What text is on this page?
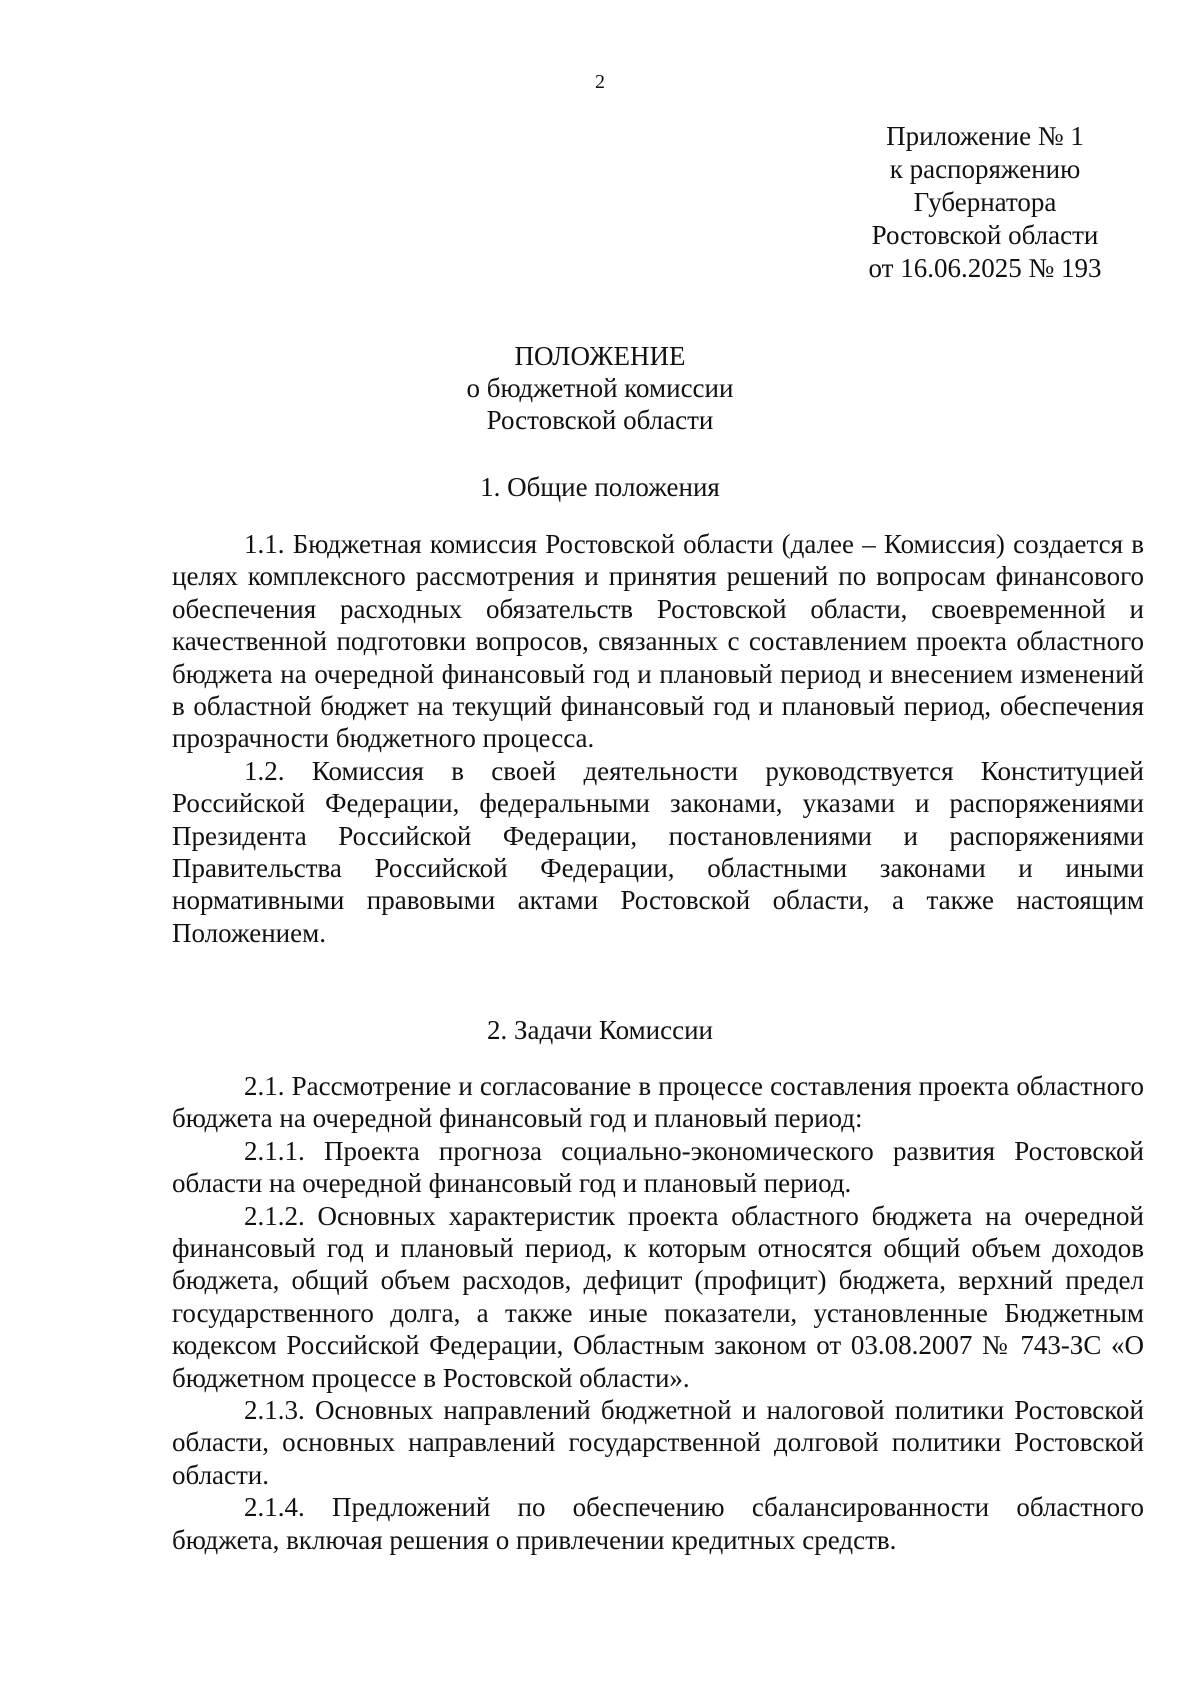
2
Приложение № 1
к распоряжению
Губернатора
Ростовской области
от 16.06.2025 № 193
ПОЛОЖЕНИЕ
о бюджетной комиссии
Ростовской области
1. Общие положения

1.1. Бюджетная комиссия Ростовской области (далее – Комиссия) создается в целях комплексного рассмотрения и принятия решений по вопросам финансового обеспечения расходных обязательств Ростовской области, своевременной и качественной подготовки вопросов, связанных с составлением проекта областного бюджета на очередной финансовый год и плановый период и внесением изменений в областной бюджет на текущий финансовый год и плановый период, обеспечения прозрачности бюджетного процесса.

1.2. Комиссия в своей деятельности руководствуется Конституцией Российской Федерации, федеральными законами, указами и распоряжениями Президента Российской Федерации, постановлениями и распоряжениями Правительства Российской Федерации, областными законами и иными нормативными правовыми актами Ростовской области, а также настоящим Положением.

2. Задачи Комиссии

2.1. Рассмотрение и согласование в процессе составления проекта областного бюджета на очередной финансовый год и плановый период:

2.1.1. Проекта прогноза социально-экономического развития Ростовской области на очередной финансовый год и плановый период.

2.1.2. Основных характеристик проекта областного бюджета на очередной финансовый год и плановый период, к которым относятся общий объем доходов бюджета, общий объем расходов, дефицит (профицит) бюджета, верхний предел государственного долга, а также иные показатели, установленные Бюджетным кодексом Российской Федерации, Областным законом от 03.08.2007 № 743-ЗС «О бюджетном процессе в Ростовской области».

2.1.3. Основных направлений бюджетной и налоговой политики Ростовской области, основных направлений государственной долговой политики Ростовской области.

2.1.4. Предложений по обеспечению сбалансированности областного бюджета, включая решения о привлечении кредитных средств.
